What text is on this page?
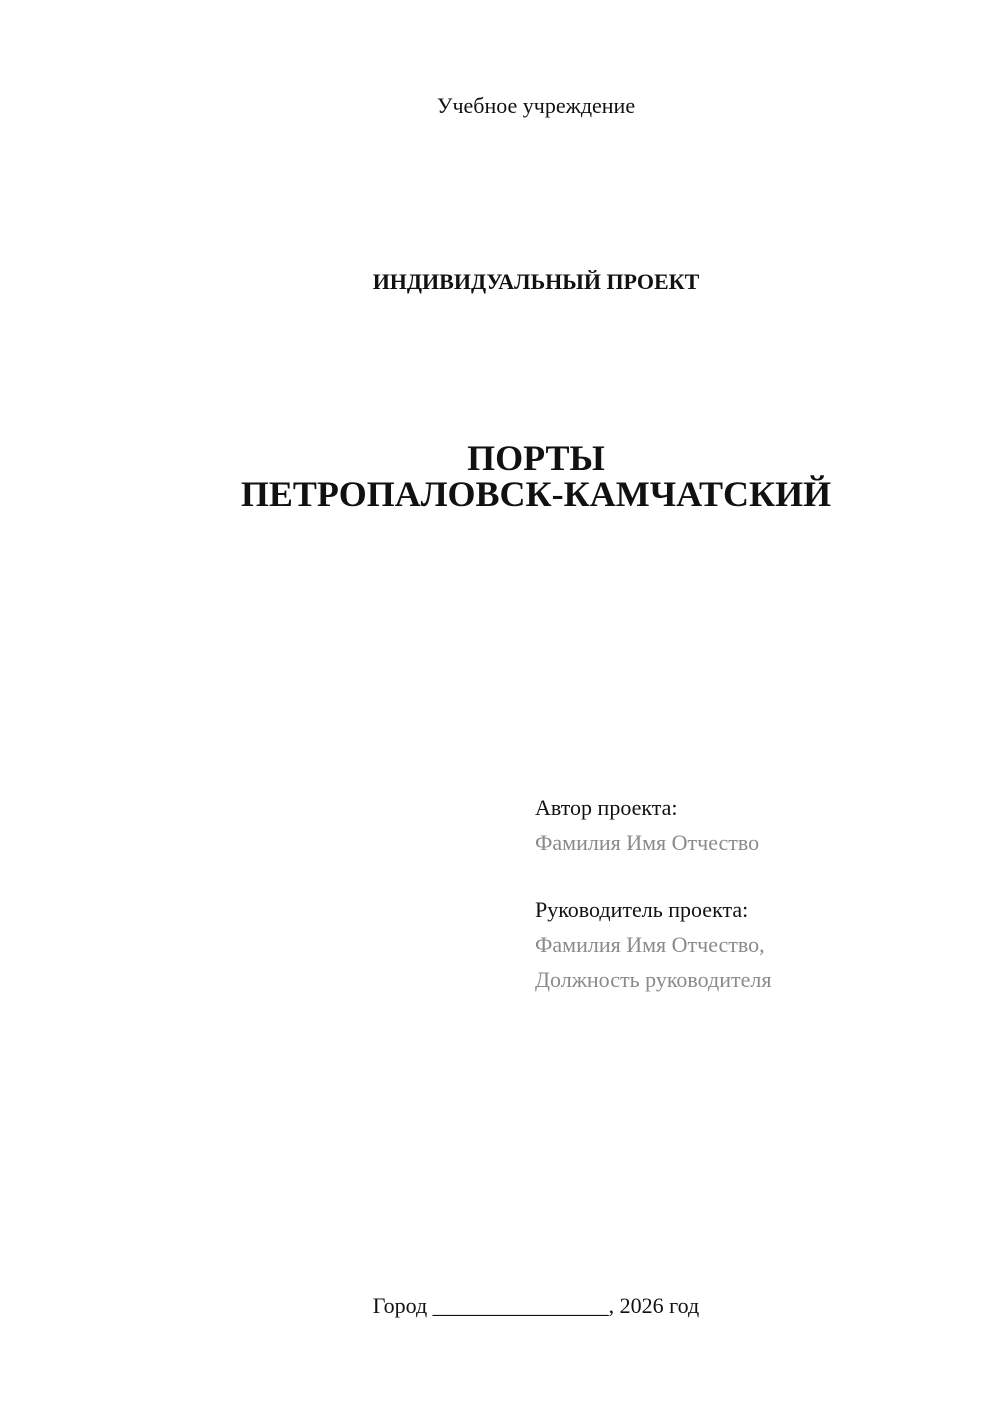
Учебное учреждение
ИНДИВИДУАЛЬНЫЙ ПРОЕКТ
ПОРТЫ
ПЕТРОПАЛОВСК-КАМЧАТСКИЙ
Автор проекта:
Фамилия Имя Отчество
Руководитель проекта:
Фамилия Имя Отчество,
Должность руководителя
Город ________________, 2026 год
